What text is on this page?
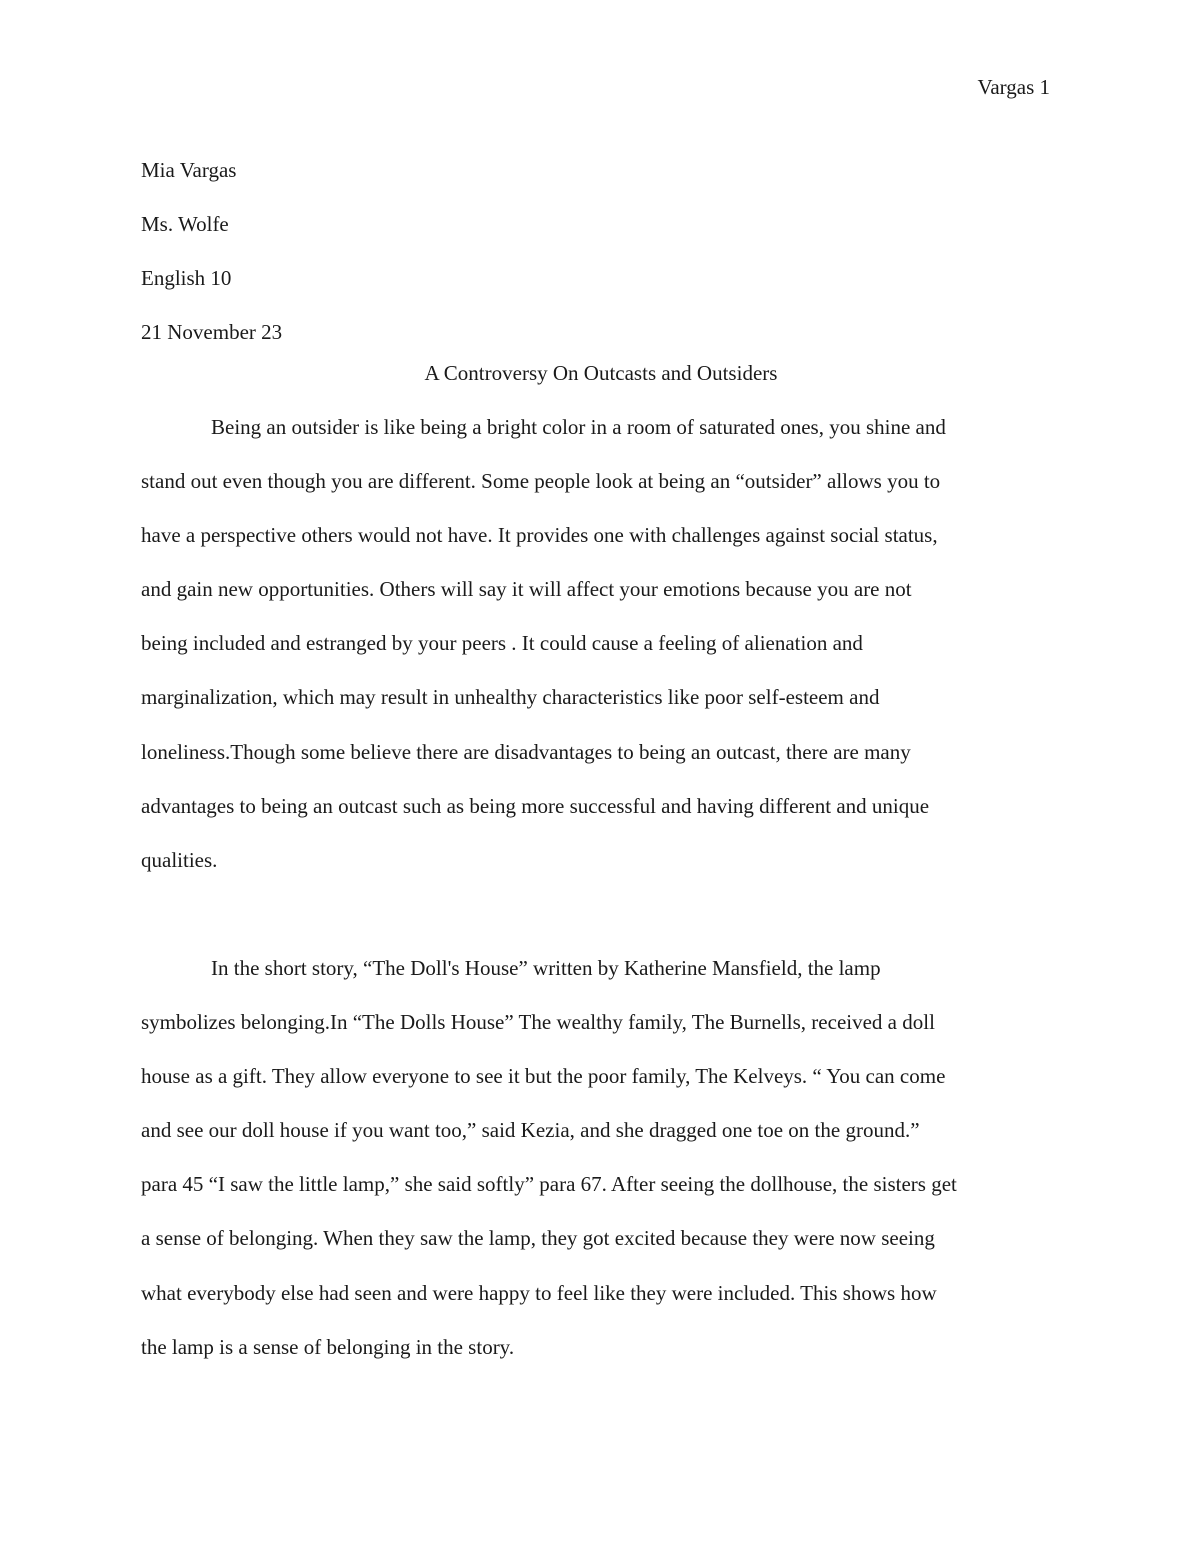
Vargas 1
Mia Vargas
Ms. Wolfe
English 10
21 November 23
A Controversy On Outcasts and Outsiders
Being an outsider is like being a bright color in a room of saturated ones, you shine and
stand out even though you are different. Some people look at being an “outsider” allows you to
have a perspective others would not have. It provides one with challenges against social status,
and gain new opportunities. Others will say it will affect your emotions because you are not
being included and estranged by your peers . It could cause a feeling of alienation and
marginalization, which may result in unhealthy characteristics like poor self-esteem and
loneliness.Though some believe there are disadvantages to being an outcast, there are many
advantages to being an outcast such as being more successful and having different and unique
qualities.
In the short story, “The Doll's House” written by Katherine Mansfield, the lamp
symbolizes belonging.In “The Dolls House” The wealthy family, The Burnells, received a doll
house as a gift. They allow everyone to see it but the poor family, The Kelveys. “ You can come
and see our doll house if you want too,” said Kezia, and she dragged one toe on the ground.”
para 45 “I saw the little lamp,” she said softly” para 67. After seeing the dollhouse, the sisters get
a sense of belonging. When they saw the lamp, they got excited because they were now seeing
what everybody else had seen and were happy to feel like they were included. This shows how
the lamp is a sense of belonging in the story.
